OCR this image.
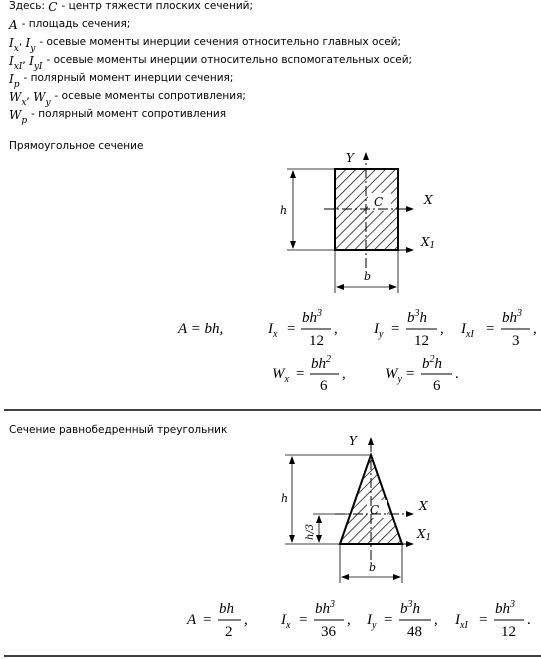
Здесь:
C - центр тяжести плоских сечений;
A - площадь сечения;
$I_x$
, $I_y$
- осевые моменты инерции сечения относительно главных осей;
$I_{xI}$
, $I_{yI}$
- осевые моменты инерции относительно вспомогательных осей;
$I_p$
- полярный момент инерции сечения;
$W_x$
, $W_y$
- осевые моменты сопротивления;
$W_p$
- полярный момент сопротивления
Прямоугольное сечение
Сечение равнобедренный треугольник
Y
X
X1
C
h
b
A = bh,	$I_x$ =
$bh^3$
12
, $I_y$ =
$b^3h$
12
, $I_{xI}$ =
$bh^3$
3
,
$W_x$ =
$bh^2$
6
,	$W_y$ =
$b^2h$
6
.
Y
X
X1
C
h
h/3
b
A =
bh
2
, $I_x$ =
$bh^3$
36
, $I_y$ =
$b^3h$
48
, $I_{xI}$ =
$bh^3$
12
.
